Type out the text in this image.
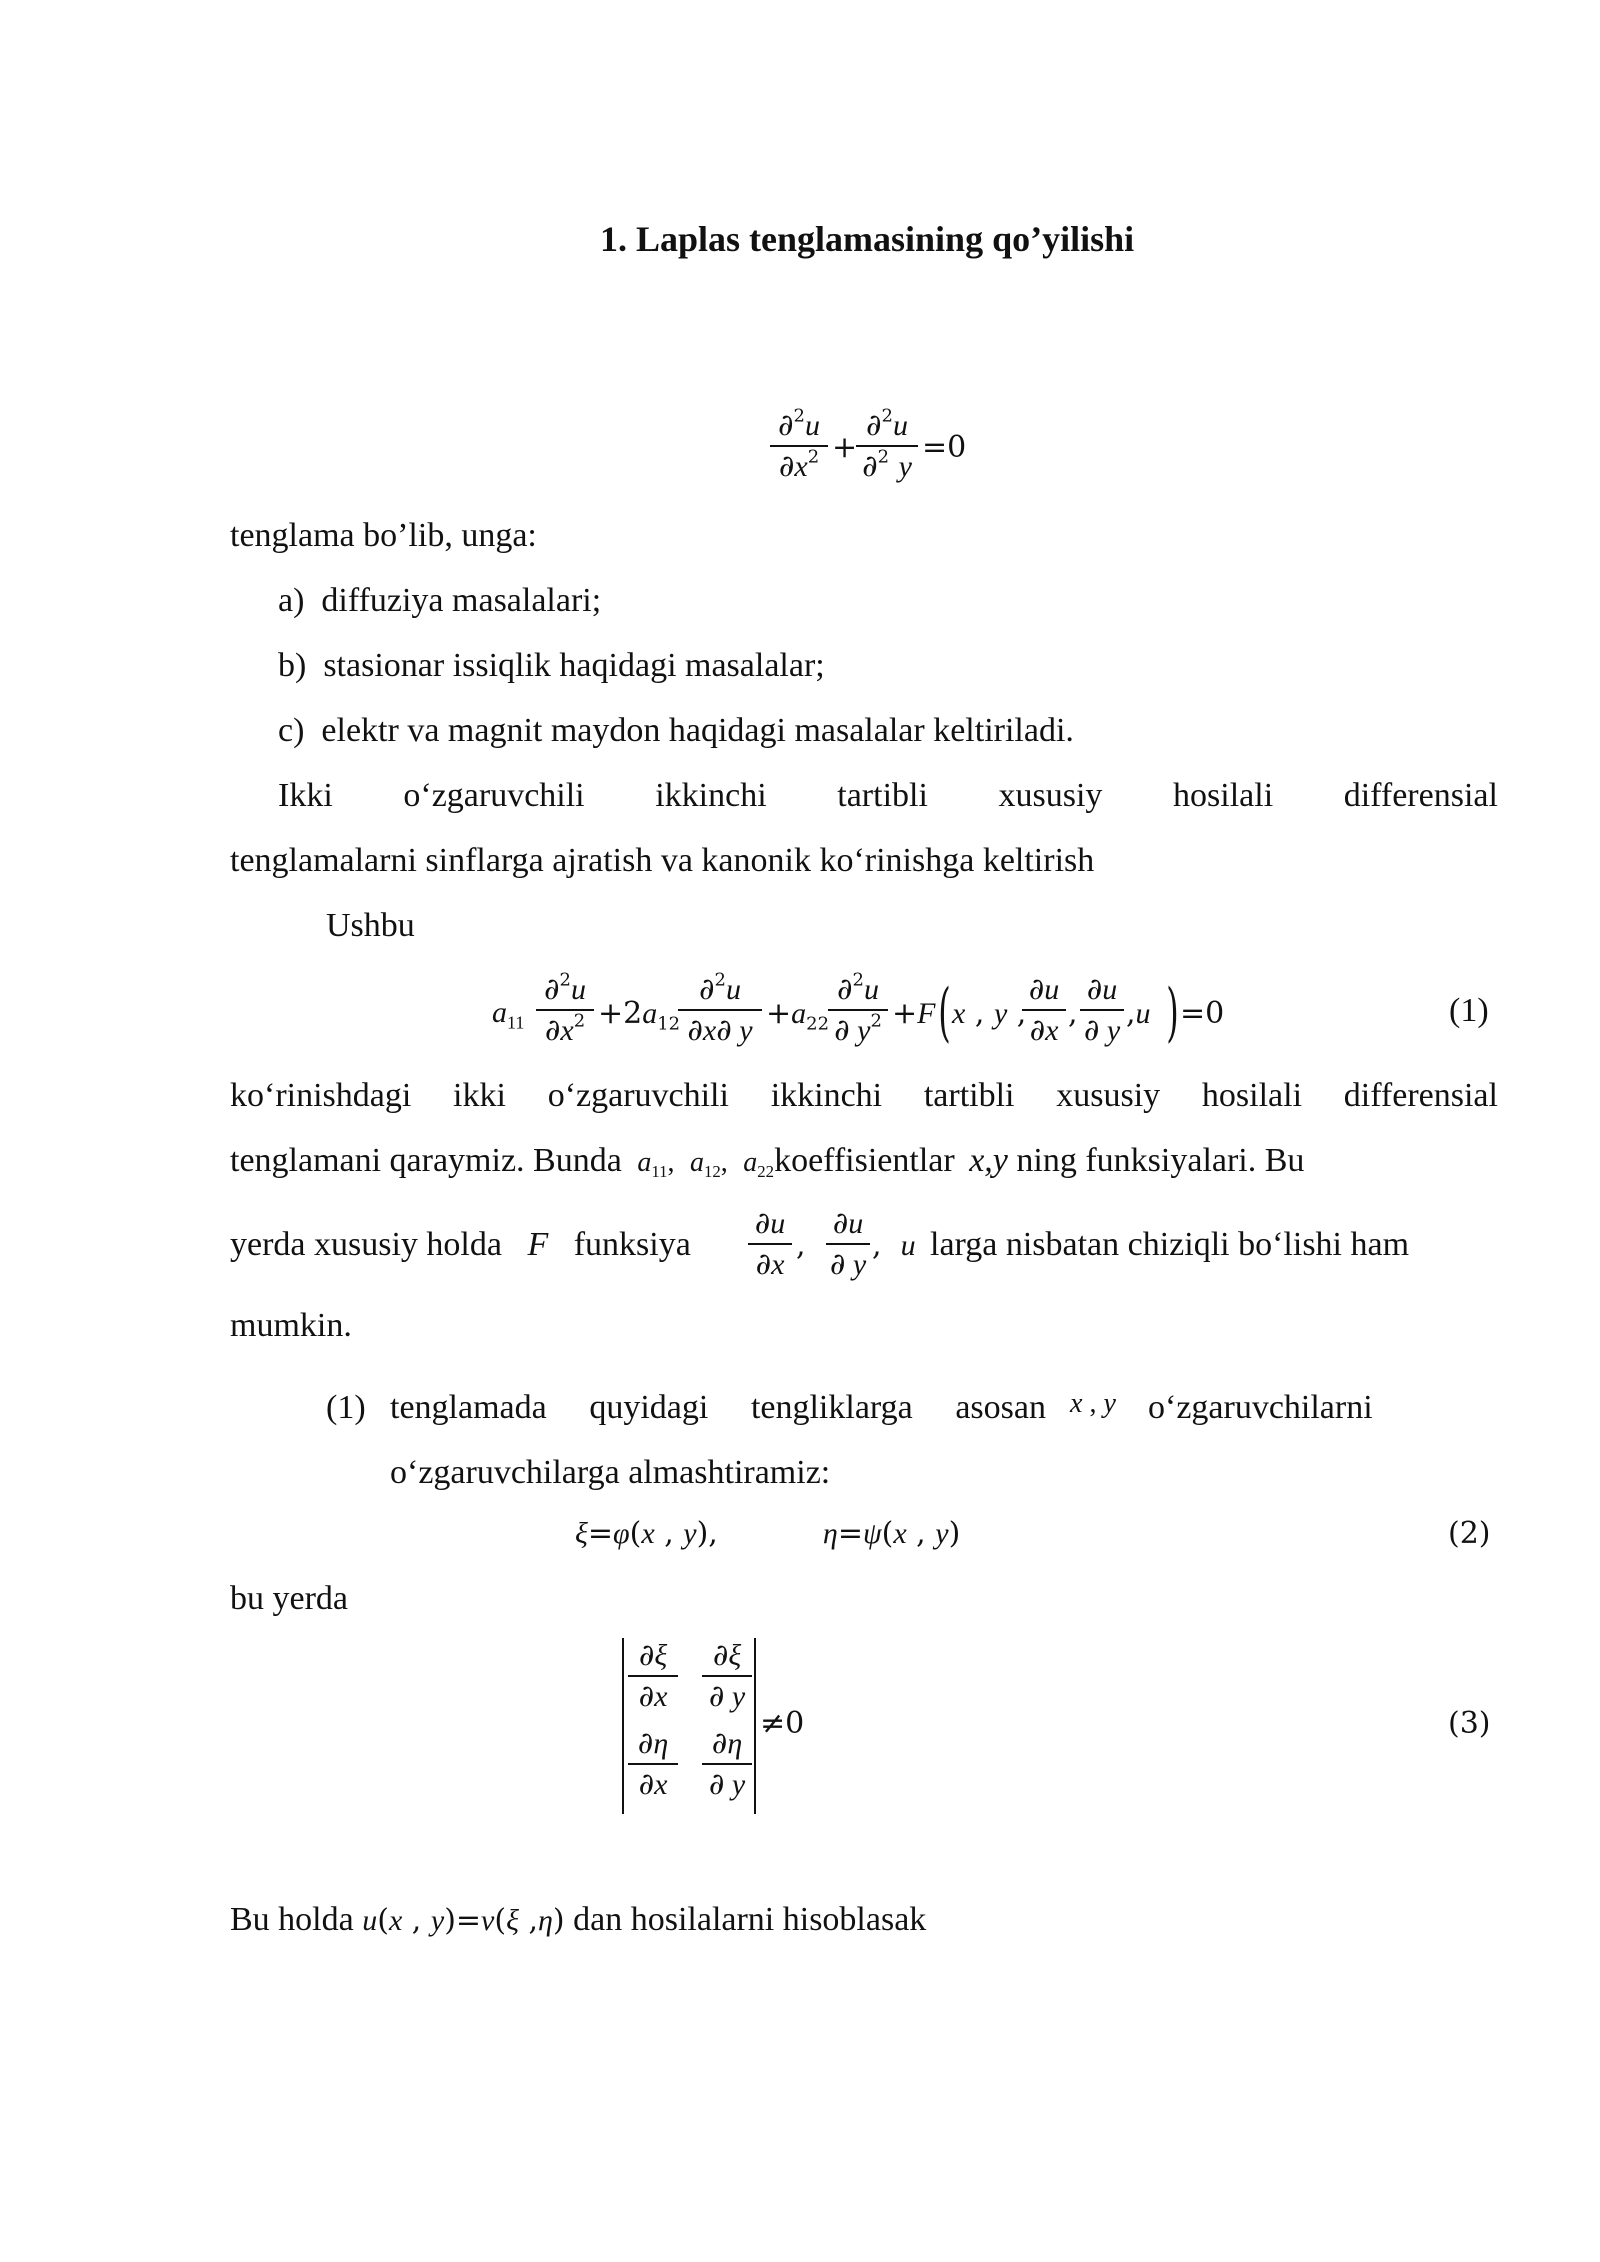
1. Laplas tenglamasining qo’yilishi
∂$^2$u
$\partial x^2$ +
∂$^2$u
∂$^2$ y
=0
tenglama bo’lib, unga:
a) diffuziya masalalari;
b) stasionar issiqlik haqidagi masalalar;
c) elektr va magnit maydon haqidagi masalalar keltiriladi.
Ikki o‘zgaruvchili ikkinchi tartibli xususiy hosilali differensial
tenglamalarni sinflarga ajratish va kanonik ko‘rinishga keltirish
Ushbu
$a_{11}$
∂$^2$u
$\partial x^2 +2a_{12}$
∂$^2$u
∂x∂ $y +a_{22}$
∂$^2$u
∂ $y^2 +F$ ( x , y ,
∂u
∂x ,
∂u
∂ y ,u ) =0	(1)
ko‘rinishdagi ikki o‘zgaruvchili ikkinchi tartibli xususiy hosilali differensial
tenglamani qaraymiz. Bunda  $a_{11}$,  $a_{12}$,  $a_{22}koeffisientlar$ x,y ning funksiyalari. Bu
yerda xususiy holda F funksiya
∂u
∂x
,
∂u
∂ y
,  u larga nisbatan chiziqli bo‘lishi ham
mumkin.
(1) tenglamada quyidagi tengliklarga asosan x , y o‘zgaruvchilarni
o‘zgaruvchilarga almashtiramiz:
ξ=φ(x , y),	η=ψ(x , y)	(2)
bu yerda
∂ξ
∂x
∂ξ
∂ y
∂η
∂x
∂η
∂ y
≠0	(3)
Bu holda u(x , y)=v(ξ ,η) dan hosilalarni hisoblasak
